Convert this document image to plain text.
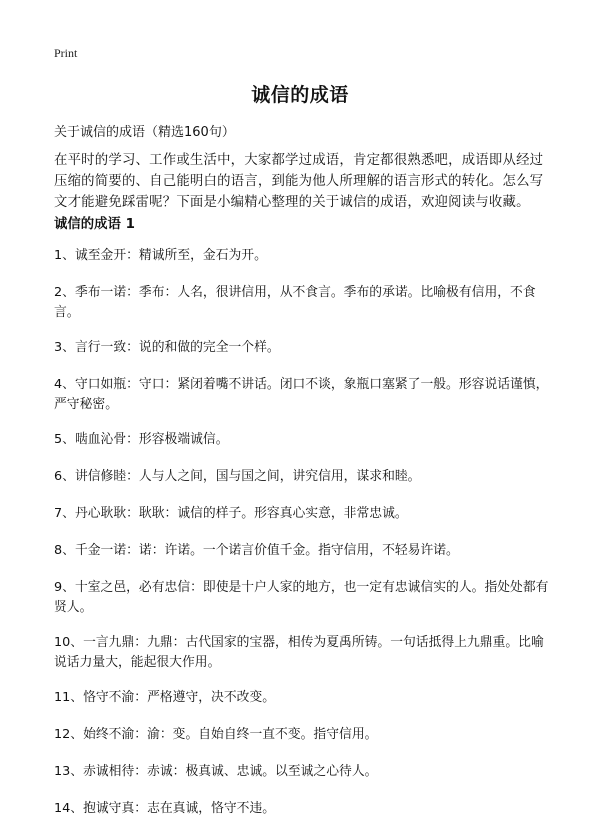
Print
诚信的成语
关于诚信的成语（精选160句）

在平时的学习、工作或生活中，大家都学过成语，肯定都很熟悉吧，成语即从经过压缩的简要的、自己能明白的语言，到能为他人所理解的语言形式的转化。怎么写文才能避免踩雷呢？下面是小编精心整理的关于诚信的成语，欢迎阅读与收藏。

诚信的成语 1
1、诚至金开：精诚所至，金石为开。
2、季布一诺：季布：人名，很讲信用，从不食言。季布的承诺。比喻极有信用，不食言。
3、言行一致：说的和做的完全一个样。
4、守口如瓶：守口：紧闭着嘴不讲话。闭口不谈，象瓶口塞紧了一般。形容说话谨慎，严守秘密。
5、啮血沁骨：形容极端诚信。
6、讲信修睦：人与人之间，国与国之间，讲究信用，谋求和睦。
7、丹心耿耿：耿耿：诚信的样子。形容真心实意，非常忠诚。
8、千金一诺：诺：许诺。一个诺言价值千金。指守信用，不轻易许诺。
9、十室之邑，必有忠信：即使是十户人家的地方，也一定有忠诚信实的人。指处处都有贤人。
10、一言九鼎：九鼎：古代国家的宝器，相传为夏禹所铸。一句话抵得上九鼎重。比喻说话力量大，能起很大作用。
11、恪守不渝：严格遵守，决不改变。
12、始终不渝：渝：变。自始自终一直不变。指守信用。
13、赤诚相待：赤诚：极真诚、忠诚。以至诚之心待人。
14、抱诚守真：志在真诚，恪守不违。
